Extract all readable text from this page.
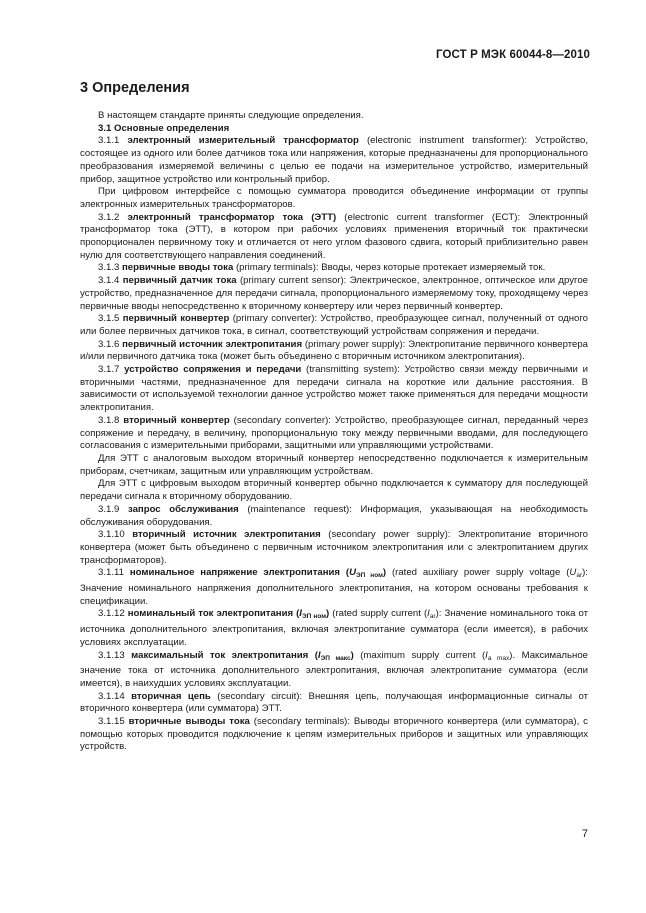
ГОСТ Р МЭК 60044-8—2010
3 Определения

В настоящем стандарте приняты следующие определения.

3.1 Основные определения

3.1.1 электронный измерительный трансформатор (electronic instrument transformer): Устройство, состоящее из одного или более датчиков тока или напряжения, которые предназначены для пропорционального преобразования измеряемой величины с целью ее подачи на измерительное устройство, измерительный прибор, защитное устройство или контрольный прибор.

При цифровом интерфейсе с помощью сумматора проводится объединение информации от группы электронных измерительных трансформаторов.

3.1.2 электронный трансформатор тока (ЭТТ) (electronic current transformer (ECT): Электронный трансформатор тока (ЭТТ), в котором при рабочих условиях применения вторичный ток практически пропорционален первичному току и отличается от него углом фазового сдвига, который приблизительно равен нулю для соответствующего направления соединений.

3.1.3 первичные вводы тока (primary terminals): Вводы, через которые протекает измеряемый ток.

3.1.4 первичный датчик тока (primary current sensor): Электрическое, электронное, оптическое или другое устройство, предназначенное для передачи сигнала, пропорционального измеряемому току, проходящему через первичные вводы непосредственно к вторичному конвертеру или через первичный конвертер.

3.1.5 первичный конвертер (primary converter): Устройство, преобразующее сигнал, полученный от одного или более первичных датчиков тока, в сигнал, соответствующий устройствам сопряжения и передачи.

3.1.6 первичный источник электропитания (primary power supply): Электропитание первичного конвертера и/или первичного датчика тока (может быть объединено с вторичным источником электропитания).

3.1.7 устройство сопряжения и передачи (transmitting system): Устройство связи между первичными и вторичными частями, предназначенное для передачи сигнала на короткие или дальние расстояния. В зависимости от используемой технологии данное устройство может также применяться для передачи мощности электропитания.

3.1.8 вторичный конвертер (secondary converter): Устройство, преобразующее сигнал, переданный через сопряжение и передачу, в величину, пропорциональную току между первичными вводами, для последующего согласования с измерительными приборами, защитными или управляющими устройствами.

Для ЭТТ с аналоговым выходом вторичный конвертер непосредственно подключается к измерительным приборам, счетчикам, защитным или управляющим устройствам.

Для ЭТТ с цифровым выходом вторичный конвертер обычно подключается к сумматору для последующей передачи сигнала к вторичному оборудованию.

3.1.9 запрос обслуживания (maintenance request): Информация, указывающая на необходимость обслуживания оборудования.

3.1.10 вторичный источник электропитания (secondary power supply): Электропитание вторичного конвертера (может быть объединено с первичным источником электропитания или с электропитанием других трансформаторов).

3.1.11 номинальное напряжение электропитания $(U_{ЭП ном})$ (rated auxiliary power supply voltage $(U_{ar})$: Значение номинального напряжения дополнительного электропитания, на котором основаны требования к спецификации.

3.1.12 номинальный ток электропитания $(I_{ЭП ном})$ (rated supply current $(I_{ar})$: Значение номинального тока от источника дополнительного электропитания, включая электропитание сумматора (если имеется), в рабочих условиях эксплуатации.

3.1.13 максимальный ток электропитания $(I_{ЭП макс})$ (maximum supply current $(I_{a max})$. Максимальное значение тока от источника дополнительного электропитания, включая электропитание сумматора (если имеется), в наихудших условиях эксплуатации.

3.1.14 вторичная цепь (secondary circuit): Внешняя цепь, получающая информационные сигналы от вторичного конвертера (или сумматора) ЭТТ.

3.1.15 вторичные выводы тока (secondary terminals): Выводы вторичного конвертера (или сумматора), с помощью которых проводится подключение к цепям измерительных приборов и защитных или управляющих устройств.

7
